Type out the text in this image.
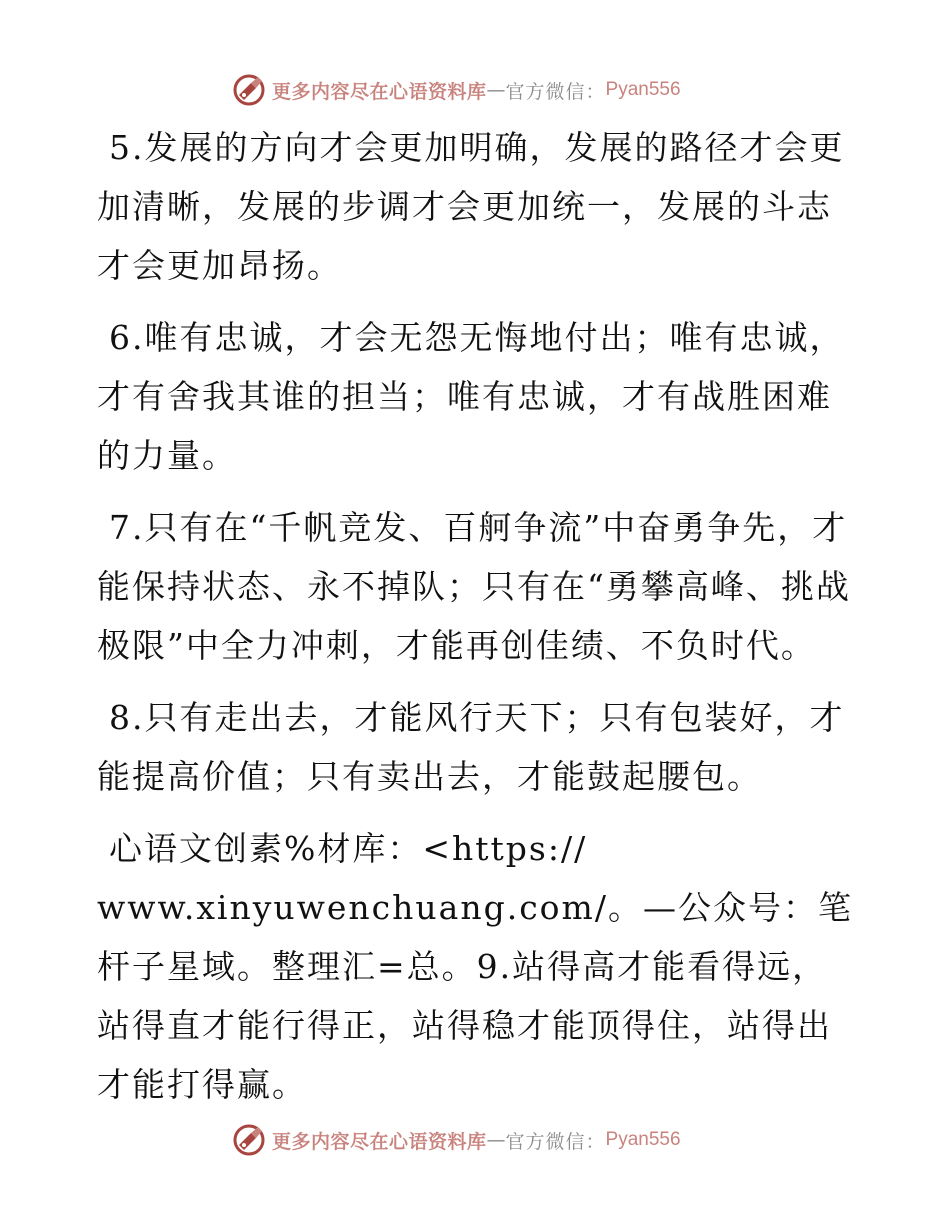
更多内容尽在心语资料库 — 官方微信： Pyan556

5.发展的方向才会更加明确，发展的路径才会更加清晰，发展的步调才会更加统一，发展的斗志才会更加昂扬。

6.唯有忠诚，才会无怨无悔地付出；唯有忠诚，才有舍我其谁的担当；唯有忠诚，才有战胜困难的力量。

7.只有在“千帆竞发、百舸争流”中奋勇争先，才能保持状态、永不掉队；只有在“勇攀高峰、挑战极限”中全力冲刺，才能再创佳绩、不负时代。

8.只有走出去，才能风行天下；只有包装好，才能提高价值；只有卖出去，才能鼓起腰包。

心语文创素%材库：<https://

www.xinyuwenchuang.com/。—公众号：笔杆子星域。整理汇=总。9.站得高才能看得远，站得直才能行得正，站得稳才能顶得住，站得出才能打得赢。

更多内容尽在心语资料库 — 官方微信： Pyan556
